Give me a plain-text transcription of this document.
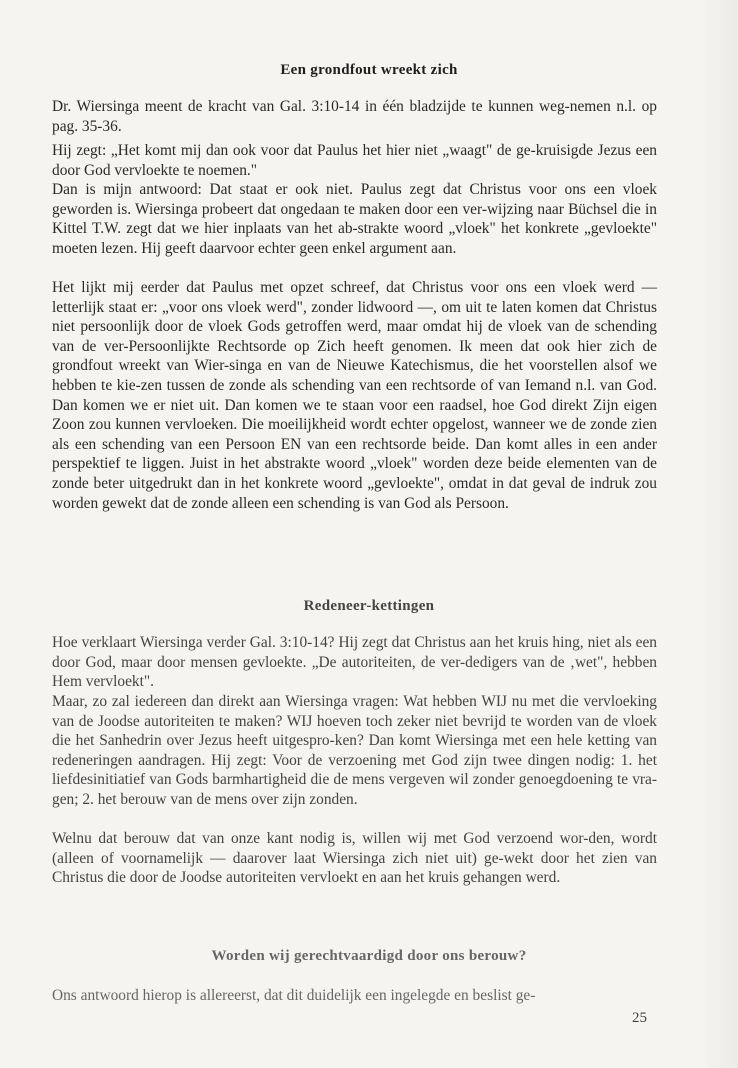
Een grondfout wreekt zich

Dr. Wiersinga meent de kracht van Gal. 3:10-14 in één bladzijde te kunnen weg-nemen n.l. op pag. 35-36.

Hij zegt: „Het komt mij dan ook voor dat Paulus het hier niet „waagt" de ge-kruisigde Jezus een door God vervloekte te noemen."

Dan is mijn antwoord: Dat staat er ook niet. Paulus zegt dat Christus voor ons een vloek geworden is. Wiersinga probeert dat ongedaan te maken door een ver-wijzing naar Büchsel die in Kittel T.W. zegt dat we hier inplaats van het ab-strakte woord „vloek" het konkrete „gevloekte" moeten lezen. Hij geeft daarvoor echter geen enkel argument aan.

Het lijkt mij eerder dat Paulus met opzet schreef, dat Christus voor ons een vloek werd — letterlijk staat er: „voor ons vloek werd", zonder lidwoord —, om uit te laten komen dat Christus niet persoonlijk door de vloek Gods getroffen werd, maar omdat hij de vloek van de schending van de ver-Persoonlijkte Rechtsorde op Zich heeft genomen. Ik meen dat ook hier zich de grondfout wreekt van Wier-singa en van de Nieuwe Katechismus, die het voorstellen alsof we hebben te kie-zen tussen de zonde als schending van een rechtsorde of van Iemand n.l. van God. Dan komen we er niet uit. Dan komen we te staan voor een raadsel, hoe God direkt Zijn eigen Zoon zou kunnen vervloeken. Die moeilijkheid wordt echter opgelost, wanneer we de zonde zien als een schending van een Persoon EN van een rechtsorde beide. Dan komt alles in een ander perspektief te liggen. Juist in het abstrakte woord „vloek" worden deze beide elementen van de zonde beter uitgedrukt dan in het konkrete woord „gevloekte", omdat in dat geval de indruk zou worden gewekt dat de zonde alleen een schending is van God als Persoon.

Redeneer-kettingen

Hoe verklaart Wiersinga verder Gal. 3:10-14? Hij zegt dat Christus aan het kruis hing, niet als een door God, maar door mensen gevloekte. „De autoriteiten, de ver-dedigers van de ‚wet", hebben Hem vervloekt".

Maar, zo zal iedereen dan direkt aan Wiersinga vragen: Wat hebben WIJ nu met die vervloeking van de Joodse autoriteiten te maken? WIJ hoeven toch zeker niet bevrijd te worden van de vloek die het Sanhedrin over Jezus heeft uitgespro-ken? Dan komt Wiersinga met een hele ketting van redeneringen aandragen. Hij zegt: Voor de verzoening met God zijn twee dingen nodig: 1. het liefdesinitiatief van Gods barmhartigheid die de mens vergeven wil zonder genoegdoening te vra-gen; 2. het berouw van de mens over zijn zonden.

Welnu dat berouw dat van onze kant nodig is, willen wij met God verzoend wor-den, wordt (alleen of voornamelijk — daarover laat Wiersinga zich niet uit) ge-wekt door het zien van Christus die door de Joodse autoriteiten vervloekt en aan het kruis gehangen werd.

Worden wij gerechtvaardigd door ons berouw?

Ons antwoord hierop is allereerst, dat dit duidelijk een ingelegde en beslist ge-

25
